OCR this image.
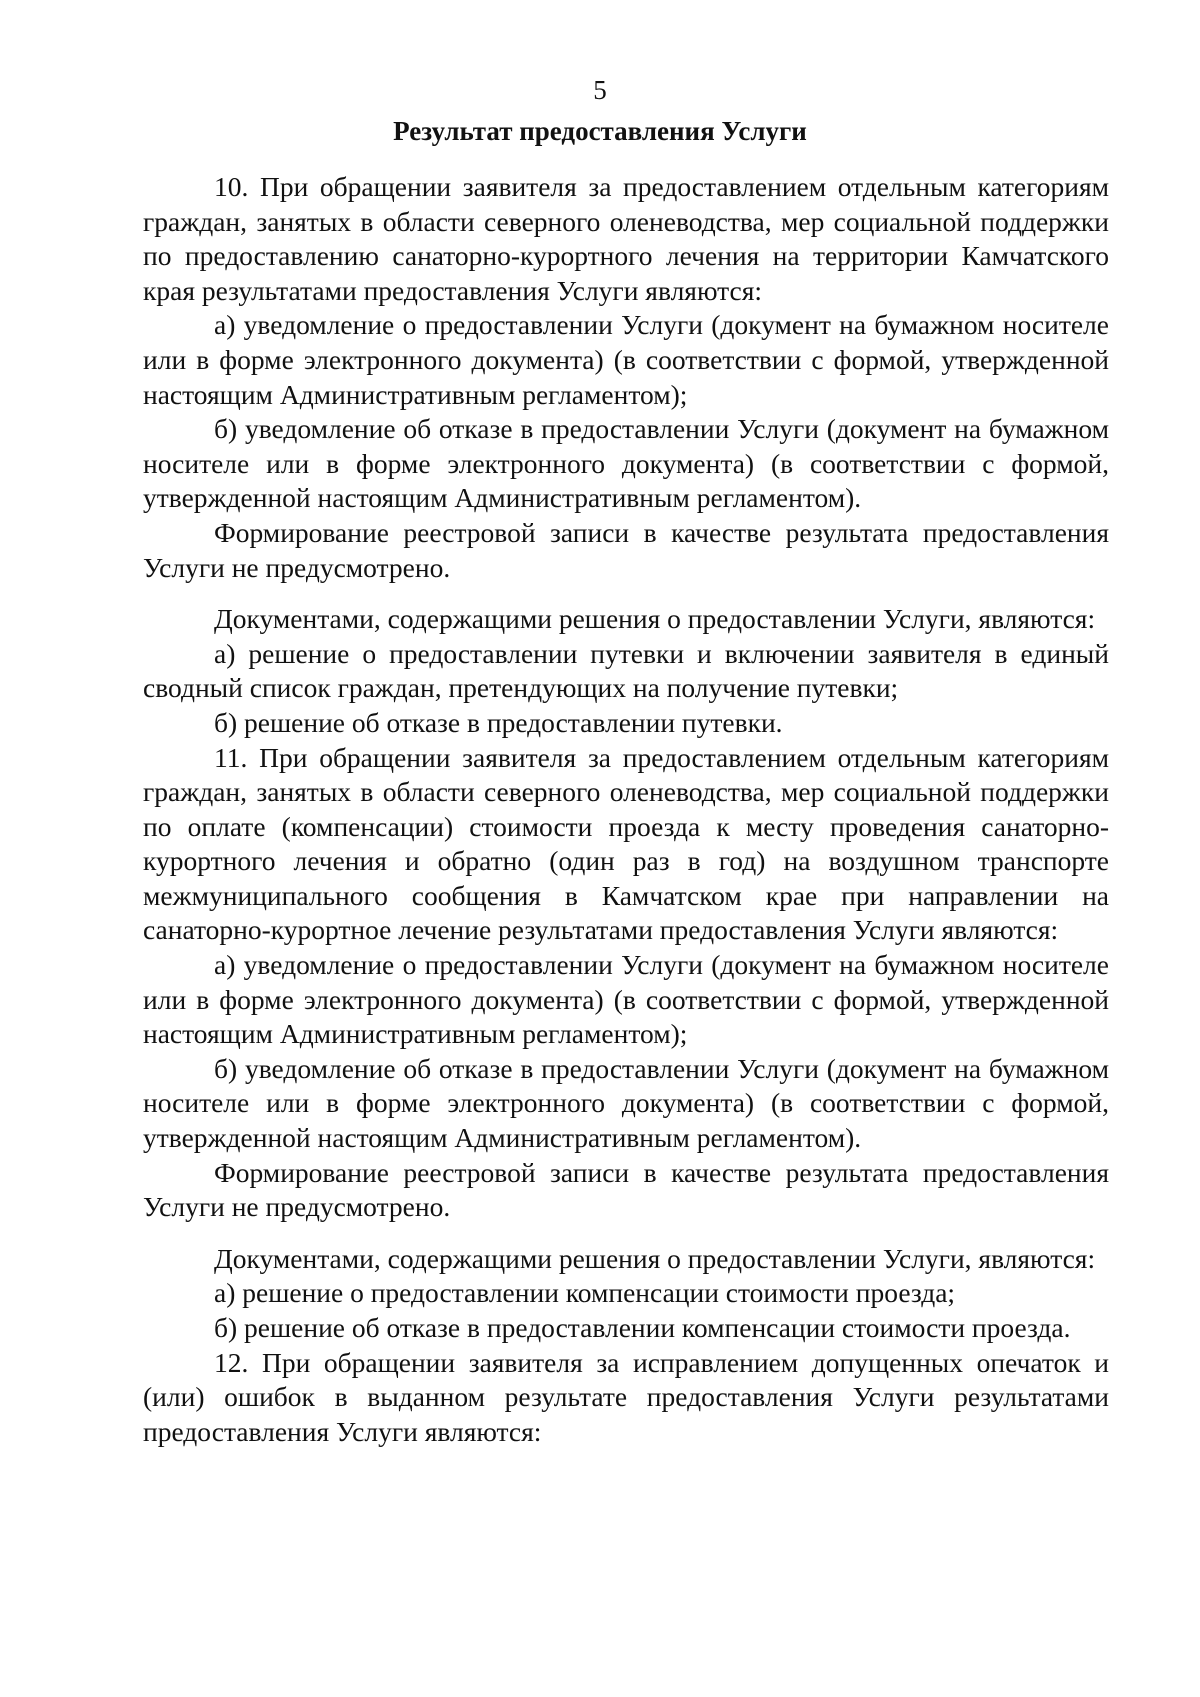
5
Результат предоставления Услуги

10. При обращении заявителя за предоставлением отдельным категориям граждан, занятых в области северного оленеводства, мер социальной поддержки по предоставлению санаторно-курортного лечения на территории Камчатского края результатами предоставления Услуги являются:

а) уведомление о предоставлении Услуги (документ на бумажном носителе или в форме электронного документа) (в соответствии с формой, утвержденной настоящим Административным регламентом);

б) уведомление об отказе в предоставлении Услуги (документ на бумажном носителе или в форме электронного документа) (в соответствии с формой, утвержденной настоящим Административным регламентом).

Формирование реестровой записи в качестве результата предоставления Услуги не предусмотрено.

Документами, содержащими решения о предоставлении Услуги, являются:

а) решение о предоставлении путевки и включении заявителя в единый сводный список граждан, претендующих на получение путевки;

б) решение об отказе в предоставлении путевки.

11. При обращении заявителя за предоставлением отдельным категориям граждан, занятых в области северного оленеводства, мер социальной поддержки по оплате (компенсации) стоимости проезда к месту проведения санаторно-курортного лечения и обратно (один раз в год) на воздушном транспорте межмуниципального сообщения в Камчатском крае при направлении на санаторно-курортное лечение результатами предоставления Услуги являются:

а) уведомление о предоставлении Услуги (документ на бумажном носителе или в форме электронного документа) (в соответствии с формой, утвержденной настоящим Административным регламентом);

б) уведомление об отказе в предоставлении Услуги (документ на бумажном носителе или в форме электронного документа) (в соответствии с формой, утвержденной настоящим Административным регламентом).

Формирование реестровой записи в качестве результата предоставления Услуги не предусмотрено.

Документами, содержащими решения о предоставлении Услуги, являются:

а) решение о предоставлении компенсации стоимости проезда;

б) решение об отказе в предоставлении компенсации стоимости проезда.

12. При обращении заявителя за исправлением допущенных опечаток и (или) ошибок в выданном результате предоставления Услуги результатами предоставления Услуги являются:
